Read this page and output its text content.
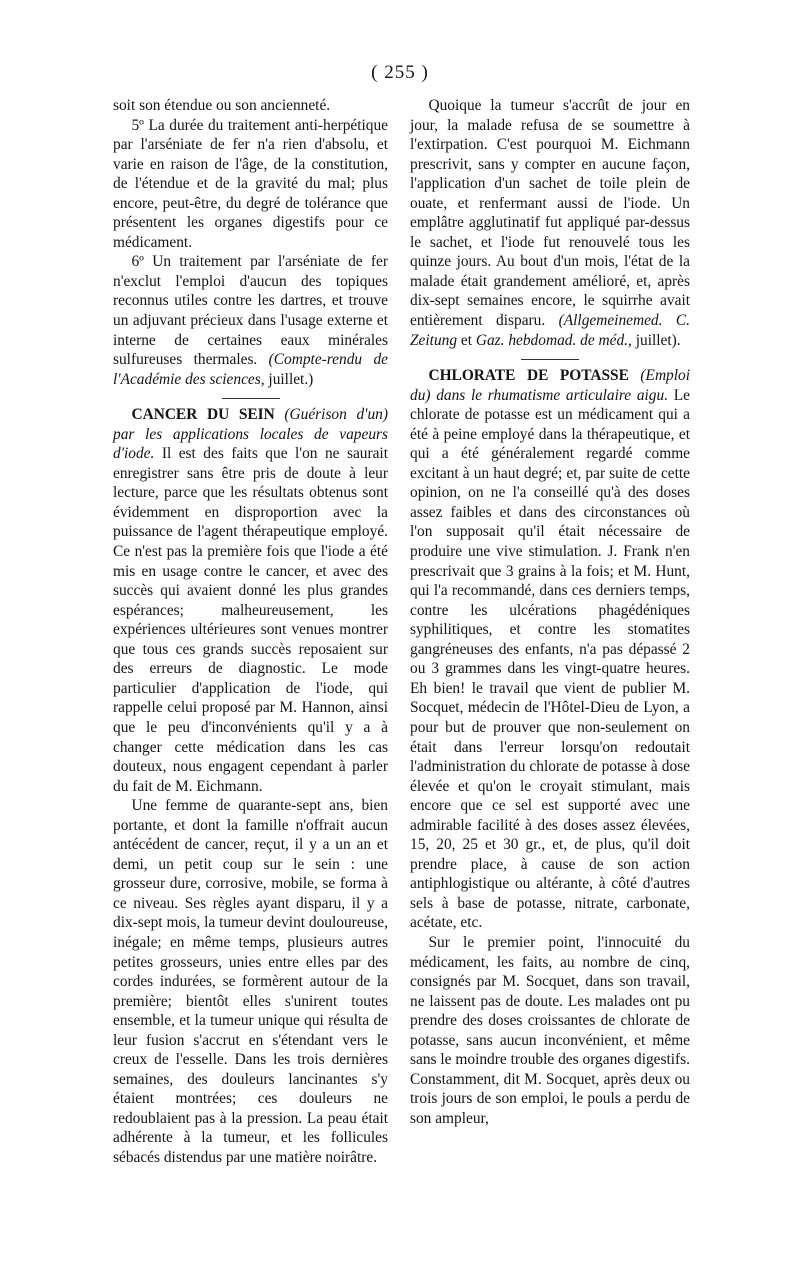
( 255 )

soit son étendue ou son ancienneté.

5º La durée du traitement anti-herpétique par l'arséniate de fer n'a rien d'absolu, et varie en raison de l'âge, de la constitution, de l'étendue et de la gravité du mal; plus encore, peut-être, du degré de tolérance que présentent les organes digestifs pour ce médicament.

6º Un traitement par l'arséniate de fer n'exclut l'emploi d'aucun des topiques reconnus utiles contre les dartres, et trouve un adjuvant précieux dans l'usage externe et interne de certaines eaux minérales sulfureuses thermales. (Compte-rendu de l'Académie des sciences, juillet.)

CANCER DU SEIN (Guérison d'un) par les applications locales de vapeurs d'iode. Il est des faits que l'on ne saurait enregistrer sans être pris de doute à leur lecture, parce que les résultats obtenus sont évidemment en disproportion avec la puissance de l'agent thérapeutique employé. Ce n'est pas la première fois que l'iode a été mis en usage contre le cancer, et avec des succès qui avaient donné les plus grandes espérances; malheureusement, les expériences ultérieures sont venues montrer que tous ces grands succès reposaient sur des erreurs de diagnostic. Le mode particulier d'application de l'iode, qui rappelle celui proposé par M. Hannon, ainsi que le peu d'inconvénients qu'il y a à changer cette médication dans les cas douteux, nous engagent cependant à parler du fait de M. Eichmann.

Une femme de quarante-sept ans, bien portante, et dont la famille n'offrait aucun antécédent de cancer, reçut, il y a un an et demi, un petit coup sur le sein : une grosseur dure, corrosive, mobile, se forma à ce niveau. Ses règles ayant disparu, il y a dix-sept mois, la tumeur devint douloureuse, inégale; en même temps, plusieurs autres petites grosseurs, unies entre elles par des cordes indurées, se formèrent autour de la première; bientôt elles s'unirent toutes ensemble, et la tumeur unique qui résulta de leur fusion s'accrut en s'étendant vers le creux de l'esselle. Dans les trois dernières semaines, des douleurs lancinantes s'y étaient montrées; ces douleurs ne redoublaient pas à la pression. La peau était adhérente à la tumeur, et les follicules sébacés distendus par une matière noirâtre.

Quoique la tumeur s'accrût de jour en jour, la malade refusa de se soumettre à l'extirpation. C'est pourquoi M. Eichmann prescrivit, sans y compter en aucune façon, l'application d'un sachet de toile plein de ouate, et renfermant aussi de l'iode. Un emplâtre agglutinatif fut appliqué par-dessus le sachet, et l'iode fut renouvelé tous les quinze jours. Au bout d'un mois, l'état de la malade était grandement amélioré, et, après dix-sept semaines encore, le squirrhe avait entièrement disparu. (Allgemeinemed. C. Zeitung et Gaz. hebdomad. de méd., juillet).

CHLORATE DE POTASSE (Emploi du) dans le rhumatisme articulaire aigu. Le chlorate de potasse est un médicament qui a été à peine employé dans la thérapeutique, et qui a été généralement regardé comme excitant à un haut degré; et, par suite de cette opinion, on ne l'a conseillé qu'à des doses assez faibles et dans des circonstances où l'on supposait qu'il était nécessaire de produire une vive stimulation. J. Frank n'en prescrivait que 3 grains à la fois; et M. Hunt, qui l'a recommandé, dans ces derniers temps, contre les ulcérations phagédéniques syphilitiques, et contre les stomatites gangréneuses des enfants, n'a pas dépassé 2 ou 3 grammes dans les vingt-quatre heures. Eh bien! le travail que vient de publier M. Socquet, médecin de l'Hôtel-Dieu de Lyon, a pour but de prouver que non-seulement on était dans l'erreur lorsqu'on redoutait l'administration du chlorate de potasse à dose élevée et qu'on le croyait stimulant, mais encore que ce sel est supporté avec une admirable facilité à des doses assez élevées, 15, 20, 25 et 30 gr., et, de plus, qu'il doit prendre place, à cause de son action antiphlogistique ou altérante, à côté d'autres sels à base de potasse, nitrate, carbonate, acétate, etc.

Sur le premier point, l'innocuité du médicament, les faits, au nombre de cinq, consignés par M. Socquet, dans son travail, ne laissent pas de doute. Les malades ont pu prendre des doses croissantes de chlorate de potasse, sans aucun inconvénient, et même sans le moindre trouble des organes digestifs. Constamment, dit M. Socquet, après deux ou trois jours de son emploi, le pouls a perdu de son ampleur,
